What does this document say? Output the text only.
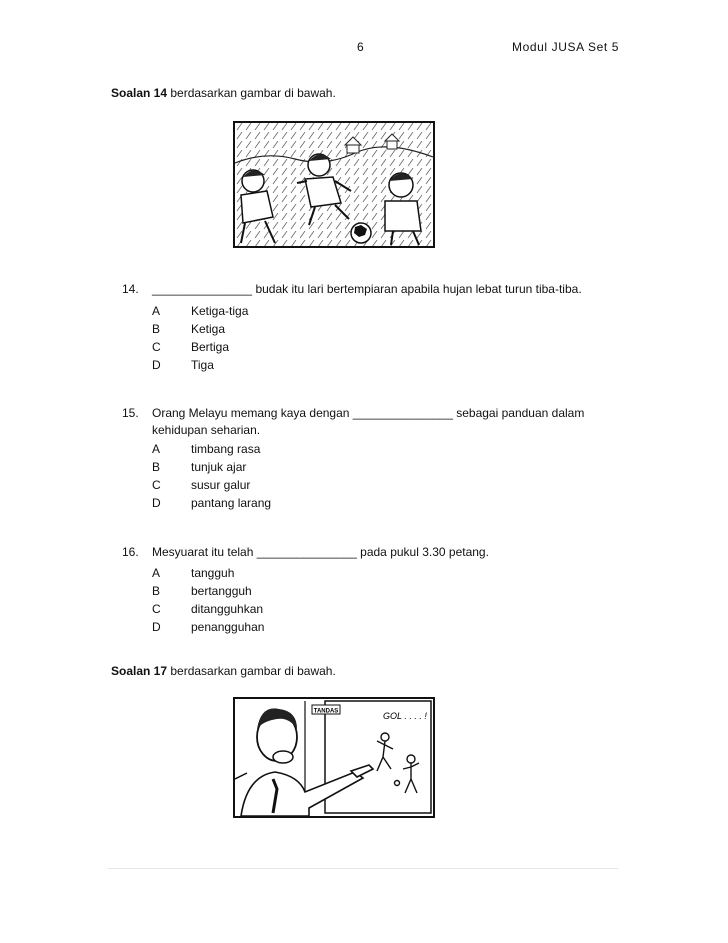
6	Modul JUSA Set 5
Soalan 14 berdasarkan gambar di bawah.
14. _______________ budak itu lari bertempiaran apabila hujan lebat turun tiba-tiba.
A	Ketiga-tiga
B	Ketiga
C	Bertiga
D	Tiga
15. Orang Melayu memang kaya dengan _______________ sebagai panduan dalam
kehidupan seharian.
A	timbang rasa
B	tunjuk ajar
C	susur galur
D	pantang larang
16. Mesyuarat itu telah _______________ pada pukul 3.30 petang.
A	tangguh
B	bertangguh
C	ditangguhkan
D	penangguhan
Soalan 17 berdasarkan gambar di bawah.
TANDAS	GOL . . . . !
